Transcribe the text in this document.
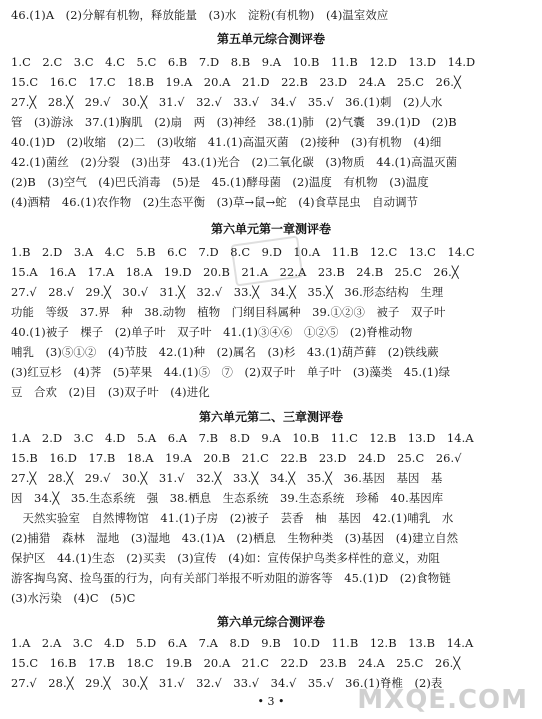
46.(1)A　(2)分解有机物，释放能量　(3)水　淀粉(有机物)　(4)温室效应
第五单元综合测评卷
1.C　2.C　3.C　4.C　5.C　6.B　7.D　8.B　9.A　10.B　11.B　12.D　13.D　14.D
15.C　16.C　17.C　18.B　19.A　20.A　21.D　22.B　23.D　24.A　25.C　26.╳
27.╳　28.╳　29.√　30.╳　31.√　32.√　33.√　34.√　35.√　36.(1)刺　(2)人水
管　(3)游泳　37.(1)胸肌　(2)扇　两　(3)神经　38.(1)肺　(2)气囊　39.(1)D　(2)B
40.(1)D　(2)收缩　(2)二　(3)收缩　41.(1)高温灭菌　(2)接种　(3)有机物　(4)细
42.(1)菌丝　(2)分裂　(3)出芽　43.(1)光合　(2)二氧化碳　(3)物质　44.(1)高温灭菌
(2)B　(3)空气　(4)巴氏消毒　(5)是　45.(1)酵母菌　(2)温度　有机物　(3)温度
(4)酒精　46.(1)农作物　(2)生态平衡　(3)草→鼠→蛇　(4)食草昆虫　自动调节
第六单元第一章测评卷
1.B　2.D　3.A　4.C　5.B　6.C　7.D　8.C　9.D　10.A　11.B　12.C　13.C　14.C
15.A　16.A　17.A　18.A　19.D　20.B　21.A　22.A　23.B　24.B　25.C　26.╳
27.√　28.√　29.╳　30.√　31.╳　32.√　33.╳　34.╳　35.╳　36.形态结构　生理
功能　等级　37.界　种　38.动物　植物　门纲目科属种　39.①②③　被子　双子叶
40.(1)被子　棵子　(2)单子叶　双子叶　41.(1)③④⑥　①②⑤　(2)脊椎动物
哺乳　(3)⑤①②　(4)节肢　42.(1)种　(2)属名　(3)杉　43.(1)葫芦藓　(2)铁线蕨
(3)红豆杉　(4)荠　(5)苹果　44.(1)⑤　⑦　(2)双子叶　单子叶　(3)藻类　45.(1)绿
豆　合欢　(2)目　(3)双子叶　(4)进化
第六单元第二、三章测评卷
1.A　2.D　3.C　4.D　5.A　6.A　7.B　8.D　9.A　10.B　11.C　12.B　13.D　14.A
15.B　16.D　17.B　18.A　19.A　20.B　21.C　22.B　23.D　24.D　25.C　26.√
27.╳　28.╳　29.√　30.╳　31.√　32.╳　33.╳　34.╳　35.╳　36.基因　基因　基
因　34.╳　35.生态系统　强　38.栖息　生态系统　39.生态系统　珍稀　40.基因库
　天然实验室　自然博物馆　41.(1)子房　(2)被子　芸香　柚　基因　42.(1)哺乳　水
(2)捕猎　森林　湿地　(3)湿地　43.(1)A　(2)栖息　生物种类　(3)基因　(4)建立自然
保护区　44.(1)生态　(2)买卖　(3)宣传　(4)如：宣传保护鸟类多样性的意义，劝阻
游客掏鸟窝、捡鸟蛋的行为，向有关部门举报不听劝阻的游客等　45.(1)D　(2)食物链
(3)水污染　(4)C　(5)C
第六单元综合测评卷
1.A　2.A　3.C　4.D　5.D　6.A　7.A　8.D　9.B　10.D　11.B　12.B　13.B　14.A
15.C　16.B　17.B　18.C　19.B　20.A　21.C　22.D　23.B　24.A　25.C　26.╳
27.√　28.╳　29.╳　30.╳　31.√　32.√　33.√　34.√　35.√　36.(1)脊椎　(2)表
• 3 •	MXQE.COM
